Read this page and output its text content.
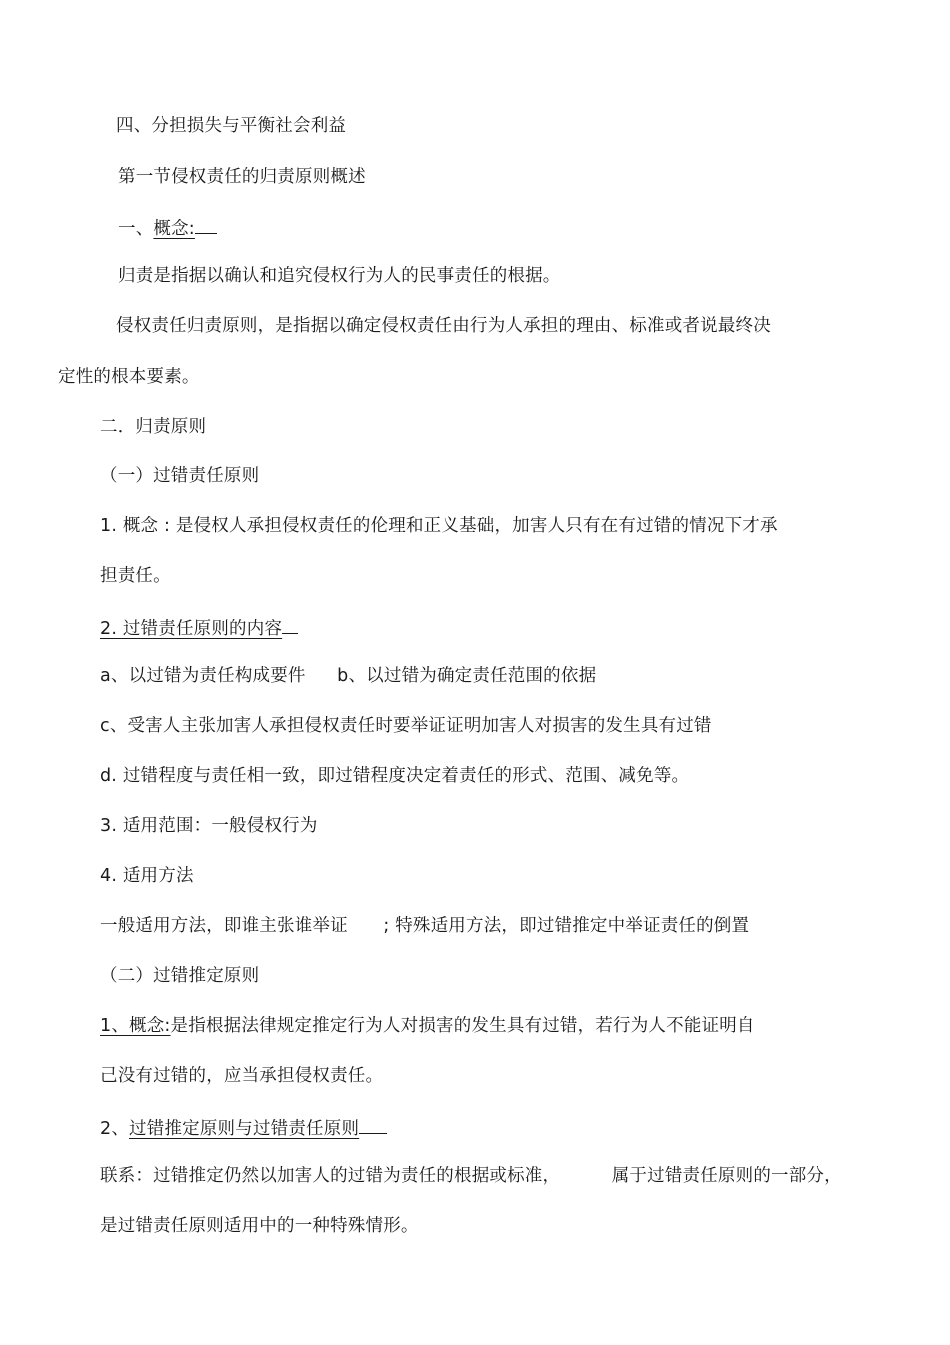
四、分担损失与平衡社会利益
第一节侵权责任的归责原则概述
一、概念:
归责是指据以确认和追究侵权行为人的民事责任的根据。
侵权责任归责原则，是指据以确定侵权责任由行为人承担的理由、标准或者说最终决
定性的根本要素。
二．归责原则
（一）过错责任原则
1. 概念 : 是侵权人承担侵权责任的伦理和正义基础，加害人只有在有过错的情况下才承
担责任。
2. 过错责任原则的内容
a、以过错为责任构成要件 b、以过错为确定责任范围的依据
c、受害人主张加害人承担侵权责任时要举证证明加害人对损害的发生具有过错
d. 过错程度与责任相一致，即过错程度决定着责任的形式、范围、减免等。
3. 适用范围：一般侵权行为
4. 适用方法
一般适用方法，即谁主张谁举证 ; 特殊适用方法，即过错推定中举证责任的倒置
（二）过错推定原则
1、概念:是指根据法律规定推定行为人对损害的发生具有过错，若行为人不能证明自
己没有过错的，应当承担侵权责任。
2、过错推定原则与过错责任原则
联系：过错推定仍然以加害人的过错为责任的根据或标准，	属于过错责任原则的一部分，
是过错责任原则适用中的一种特殊情形。
